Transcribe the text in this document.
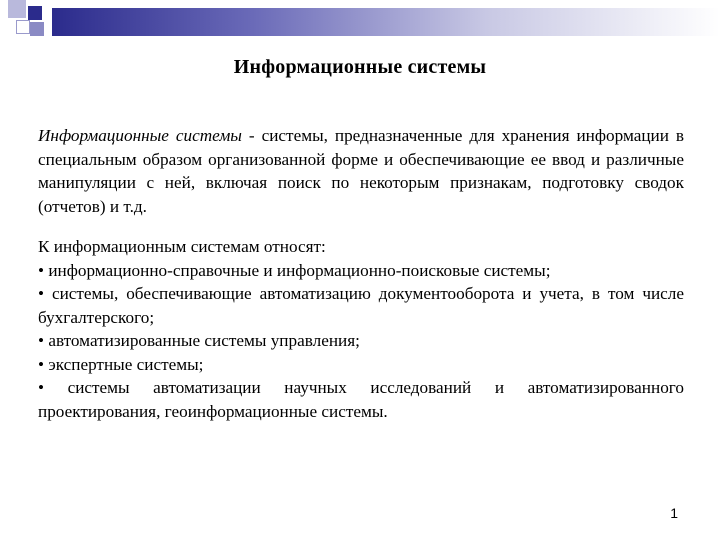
Информационные системы

Информационные системы - системы, предназначенные для хранения информации в специальным образом организованной форме и обеспечивающие ее ввод и различные манипуляции с ней, включая поиск по некоторым признакам, подготовку сводок (отчетов) и т.д.

К информационным системам относят:

• информационно-справочные и информационно-поисковые системы;
• системы, обеспечивающие автоматизацию документооборота и учета, в том числе бухгалтерского;
• автоматизированные системы управления;
• экспертные системы;
• системы автоматизации научных исследований и автоматизированного проектирования, геоинформационные системы.
1
